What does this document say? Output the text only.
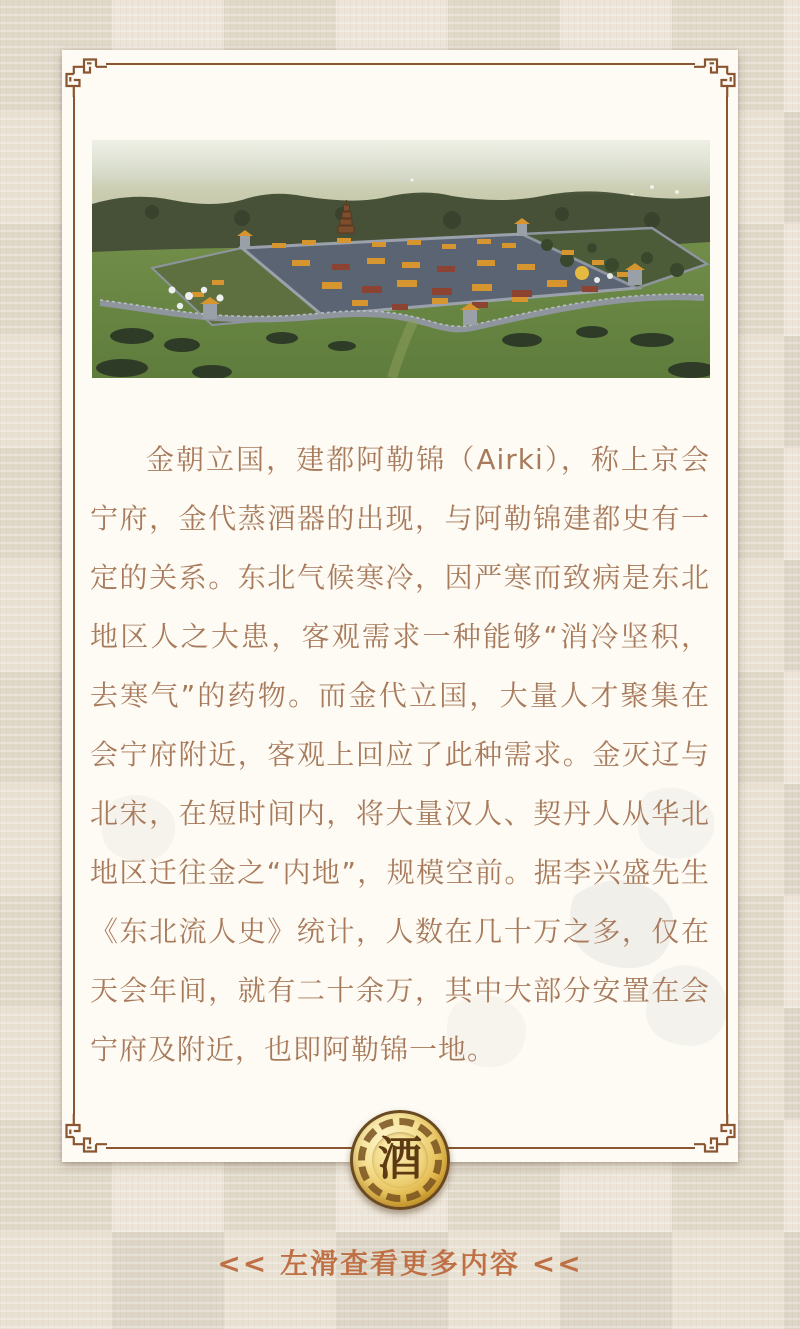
金朝立国，建都阿勒锦（Airki），称上京会宁府，金代蒸酒器的出现，与阿勒锦建都史有一定的关系。东北气候寒冷，因严寒而致病是东北地区人之大患，客观需求一种能够“消冷坚积，去寒气”的药物。而金代立国，大量人才聚集在会宁府附近，客观上回应了此种需求。金灭辽与北宋，在短时间内，将大量汉人、契丹人从华北地区迁往金之“内地”，规模空前。据李兴盛先生《东北流人史》统计，人数在几十万之多，仅在天会年间，就有二十余万，其中大部分安置在会宁府及附近，也即阿勒锦一地。

酒
<< 左滑查看更多内容 <<
